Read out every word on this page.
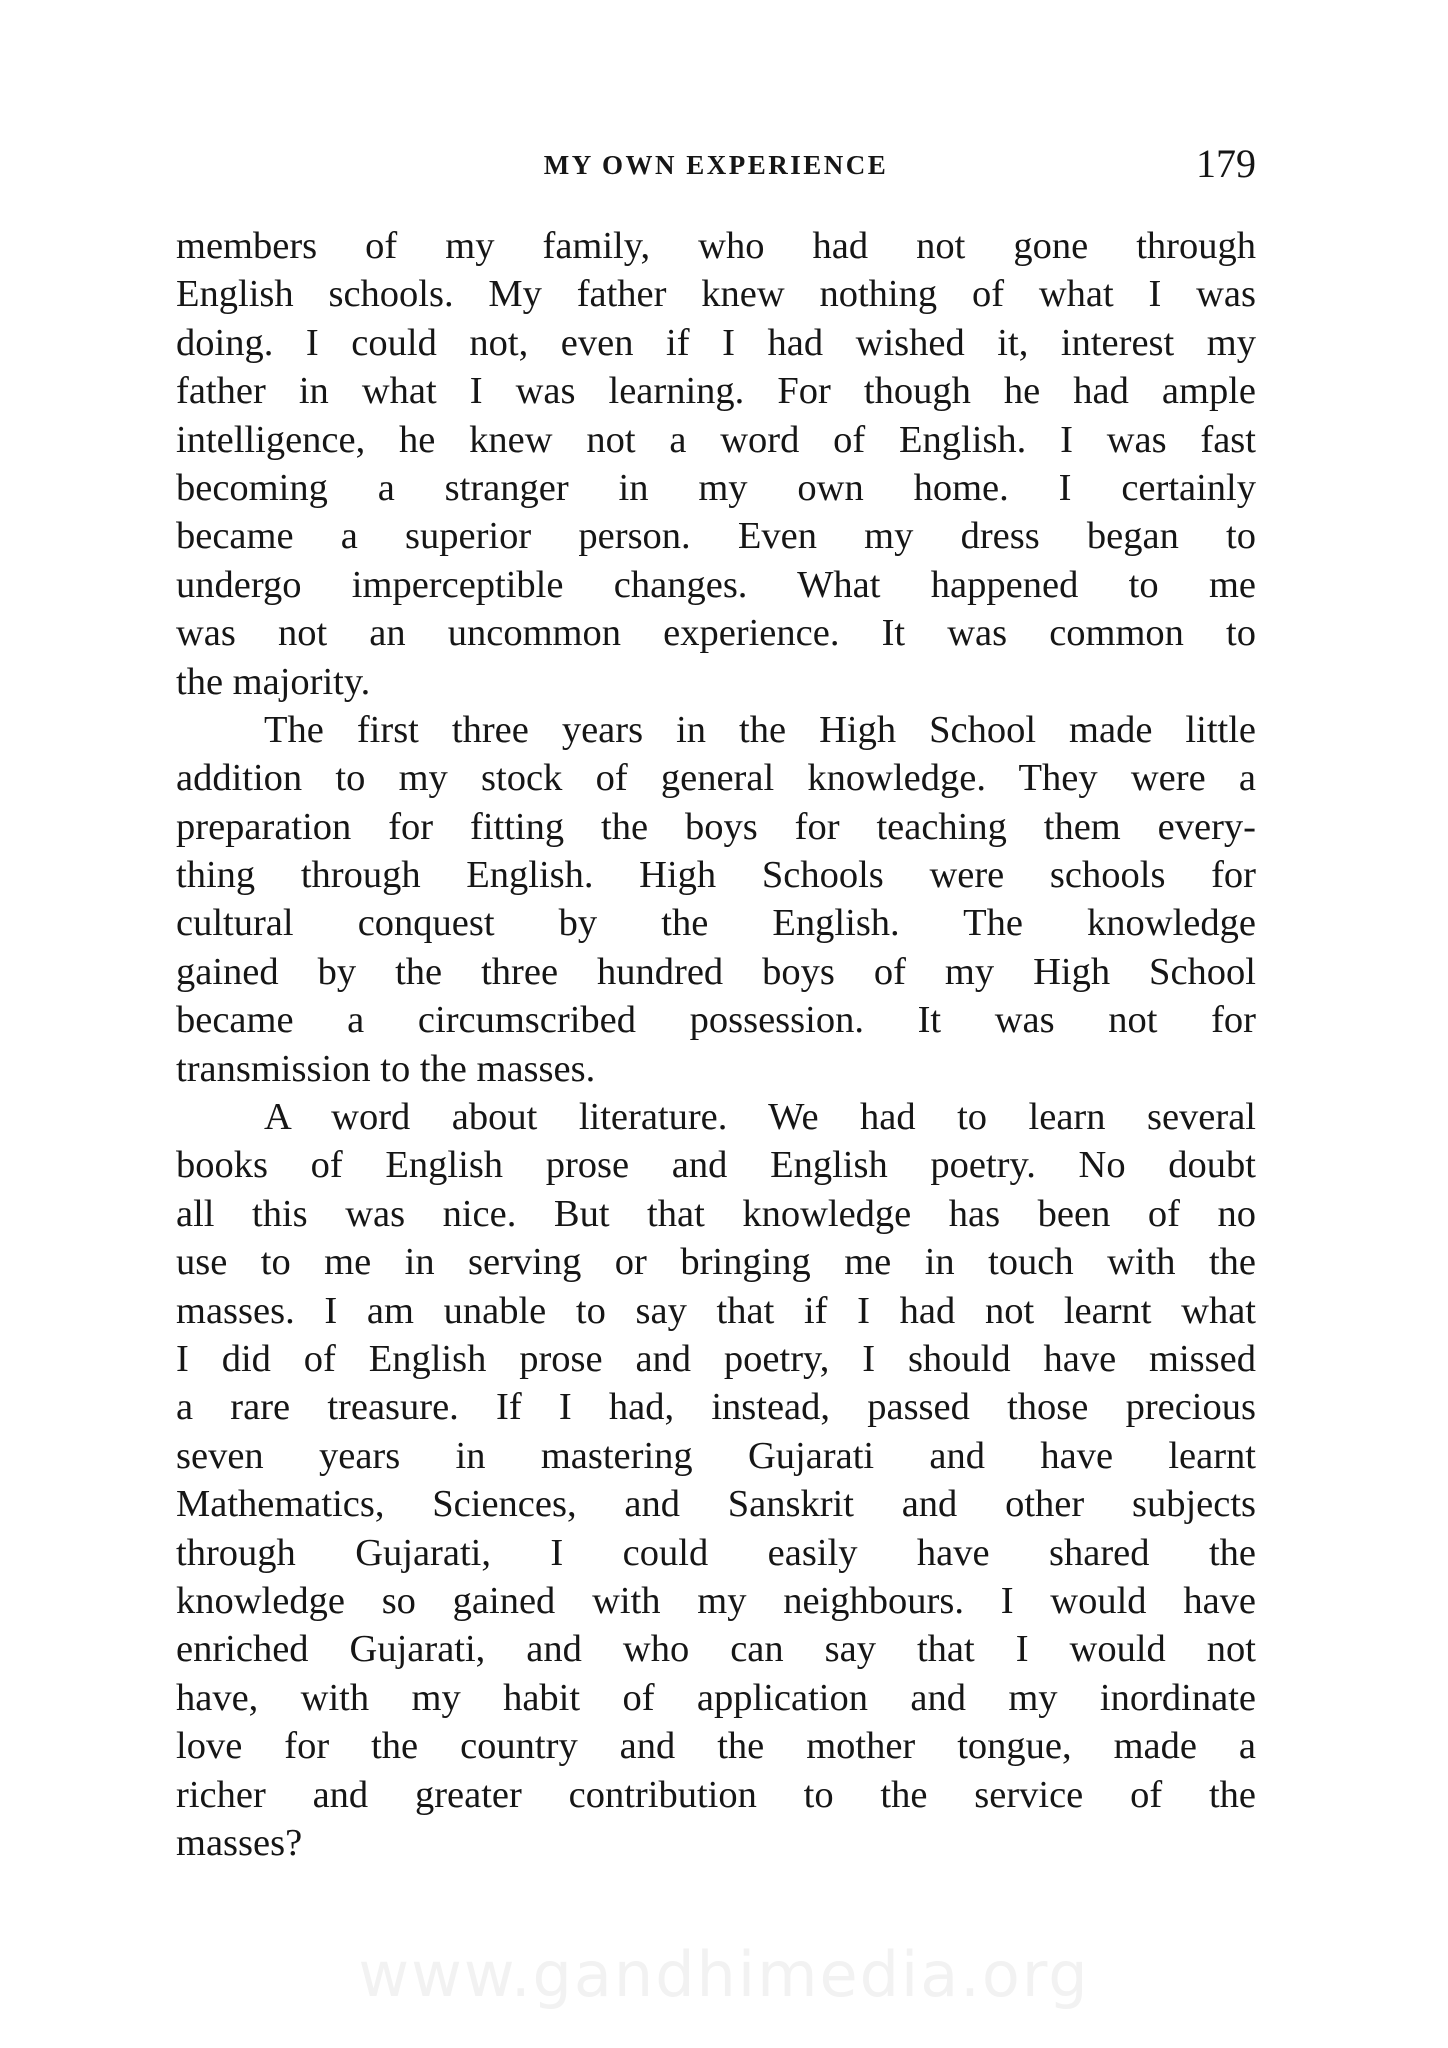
MY OWN EXPERIENCE	179
members of my family, who had not gone through
English schools. My father knew nothing of what I was
doing. I could not, even if I had wished it, interest my
father in what I was learning. For though he had ample
intelligence, he knew not a word of English. I was fast
becoming a stranger in my own home. I certainly
became a superior person. Even my dress began to
undergo imperceptible changes. What happened to me
was not an uncommon experience. It was common to
the majority.
The first three years in the High School made little
addition to my stock of general knowledge. They were a
preparation for fitting the boys for teaching them every-
thing through English. High Schools were schools for
cultural conquest by the English. The knowledge
gained by the three hundred boys of my High School
became a circumscribed possession. It was not for
transmission to the masses.
A word about literature. We had to learn several
books of English prose and English poetry. No doubt
all this was nice. But that knowledge has been of no
use to me in serving or bringing me in touch with the
masses. I am unable to say that if I had not learnt what
I did of English prose and poetry, I should have missed
a rare treasure. If I had, instead, passed those precious
seven years in mastering Gujarati and have learnt
Mathematics, Sciences, and Sanskrit and other subjects
through Gujarati, I could easily have shared the
knowledge so gained with my neighbours. I would have
enriched Gujarati, and who can say that I would not
have, with my habit of application and my inordinate
love for the country and the mother tongue, made a
richer and greater contribution to the service of the
masses?
www.gandhimedia.org
